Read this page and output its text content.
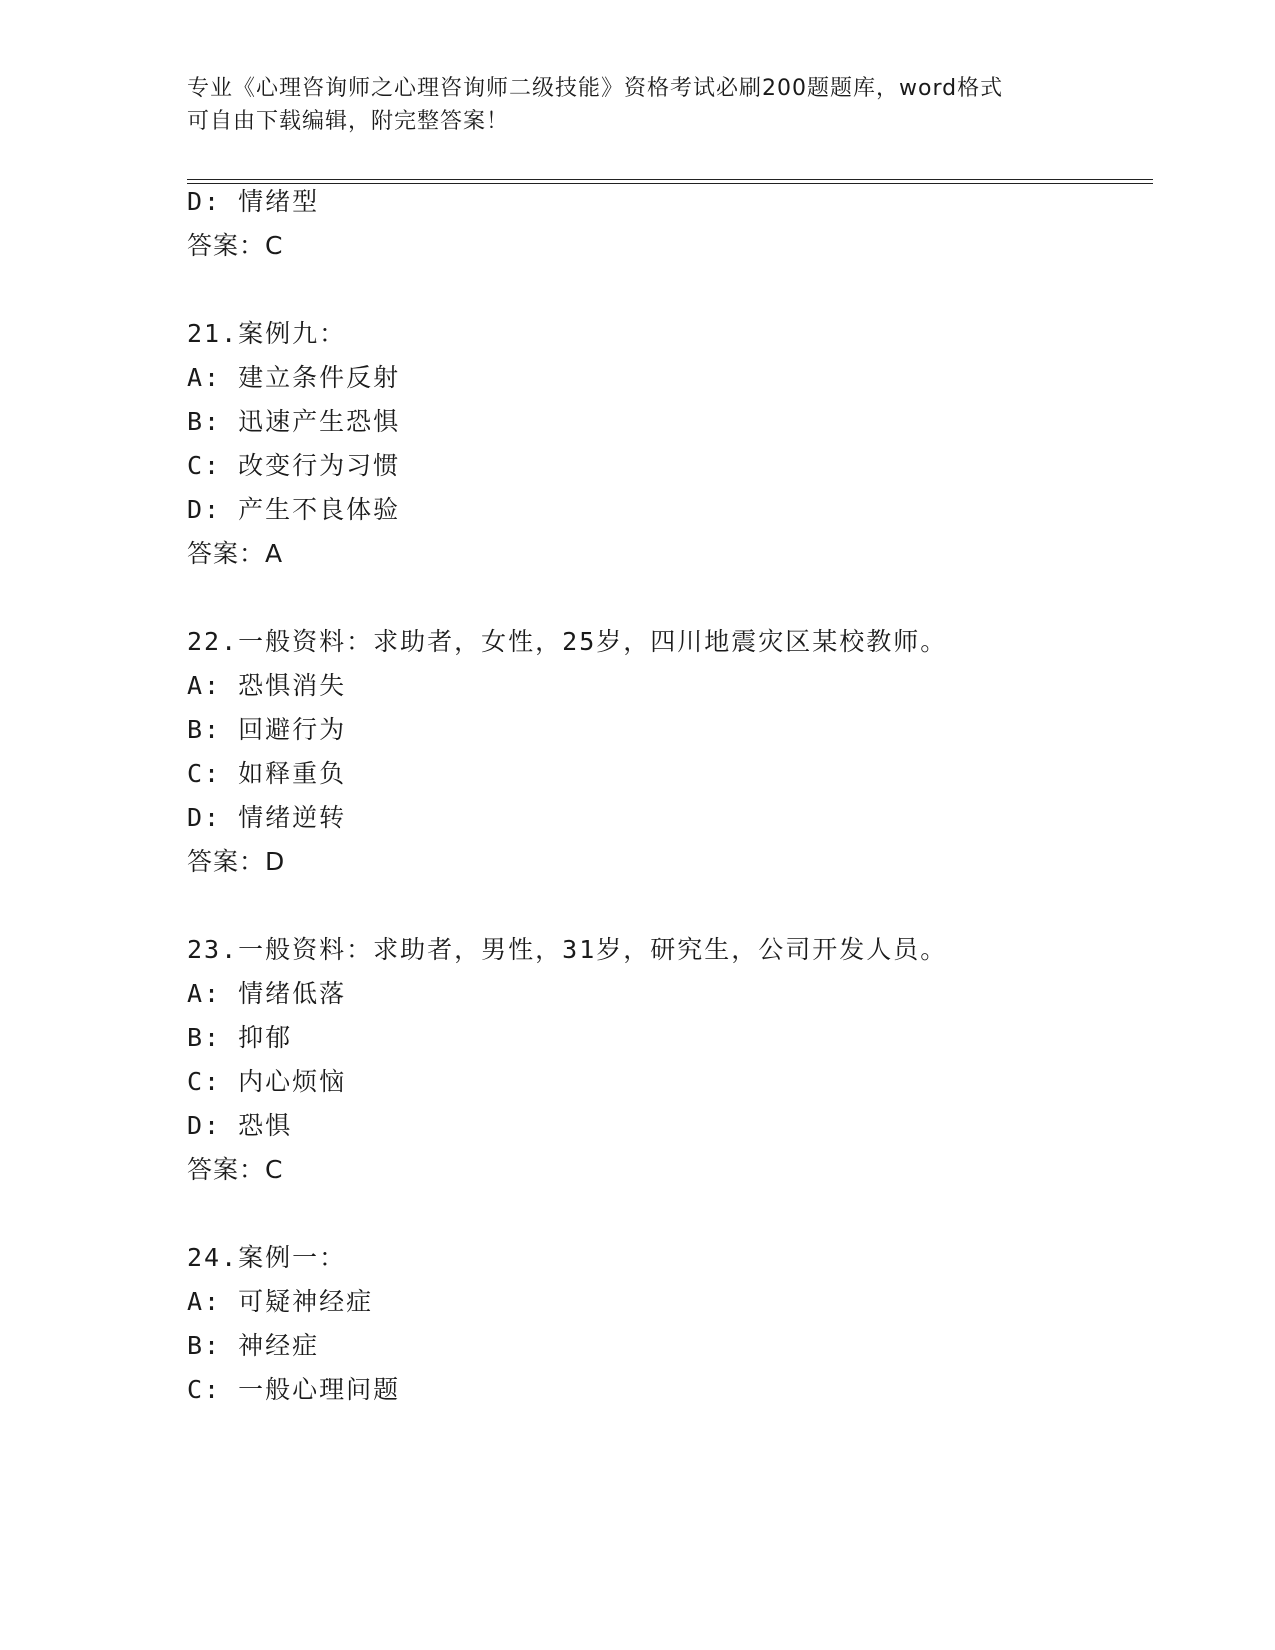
专业《心理咨询师之心理咨询师二级技能》资格考试必刷200题题库，word格式
可自由下载编辑，附完整答案！
D: 情绪型
答案：C
21.案例九：
A: 建立条件反射
B: 迅速产生恐惧
C: 改变行为习惯
D: 产生不良体验
答案：A
22.一般资料：求助者，女性，25岁，四川地震灾区某校教师。
A: 恐惧消失
B: 回避行为
C: 如释重负
D: 情绪逆转
答案：D
23.一般资料：求助者，男性，31岁，研究生，公司开发人员。
A: 情绪低落
B: 抑郁
C: 内心烦恼
D: 恐惧
答案：C
24.案例一：
A: 可疑神经症
B: 神经症
C: 一般心理问题
